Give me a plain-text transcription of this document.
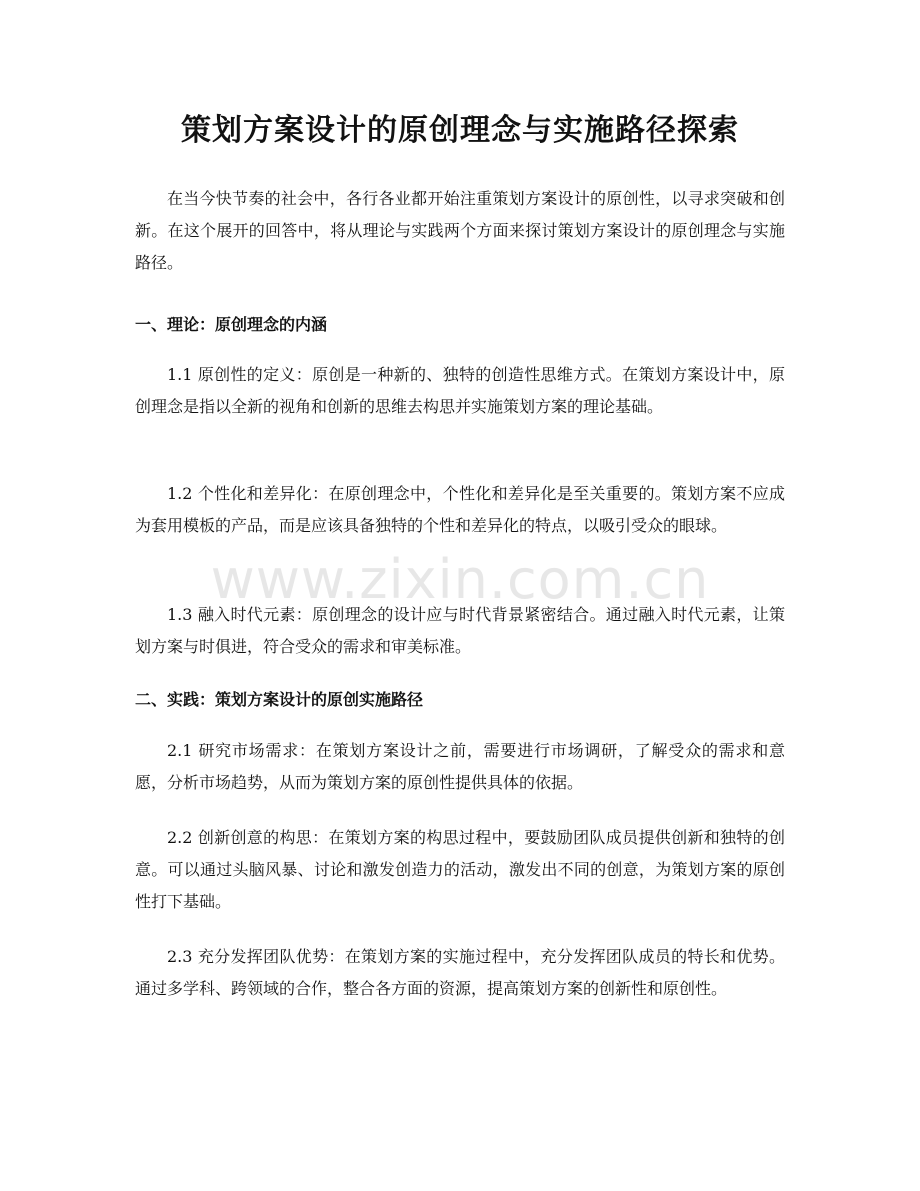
策划方案设计的原创理念与实施路径探索

在当今快节奏的社会中，各行各业都开始注重策划方案设计的原创性，以寻求突破和创新。在这个展开的回答中，将从理论与实践两个方面来探讨策划方案设计的原创理念与实施路径。

一、理论：原创理念的内涵

1.1 原创性的定义：原创是一种新的、独特的创造性思维方式。在策划方案设计中，原创理念是指以全新的视角和创新的思维去构思并实施策划方案的理论基础。

1.2 个性化和差异化：在原创理念中，个性化和差异化是至关重要的。策划方案不应成为套用模板的产品，而是应该具备独特的个性和差异化的特点，以吸引受众的眼球。

1.3 融入时代元素：原创理念的设计应与时代背景紧密结合。通过融入时代元素，让策划方案与时俱进，符合受众的需求和审美标准。

二、实践：策划方案设计的原创实施路径

2.1 研究市场需求：在策划方案设计之前，需要进行市场调研，了解受众的需求和意愿，分析市场趋势，从而为策划方案的原创性提供具体的依据。

2.2 创新创意的构思：在策划方案的构思过程中，要鼓励团队成员提供创新和独特的创意。可以通过头脑风暴、讨论和激发创造力的活动，激发出不同的创意，为策划方案的原创性打下基础。

2.3 充分发挥团队优势：在策划方案的实施过程中，充分发挥团队成员的特长和优势。通过多学科、跨领域的合作，整合各方面的资源，提高策划方案的创新性和原创性。

www.zixin.com.cn
